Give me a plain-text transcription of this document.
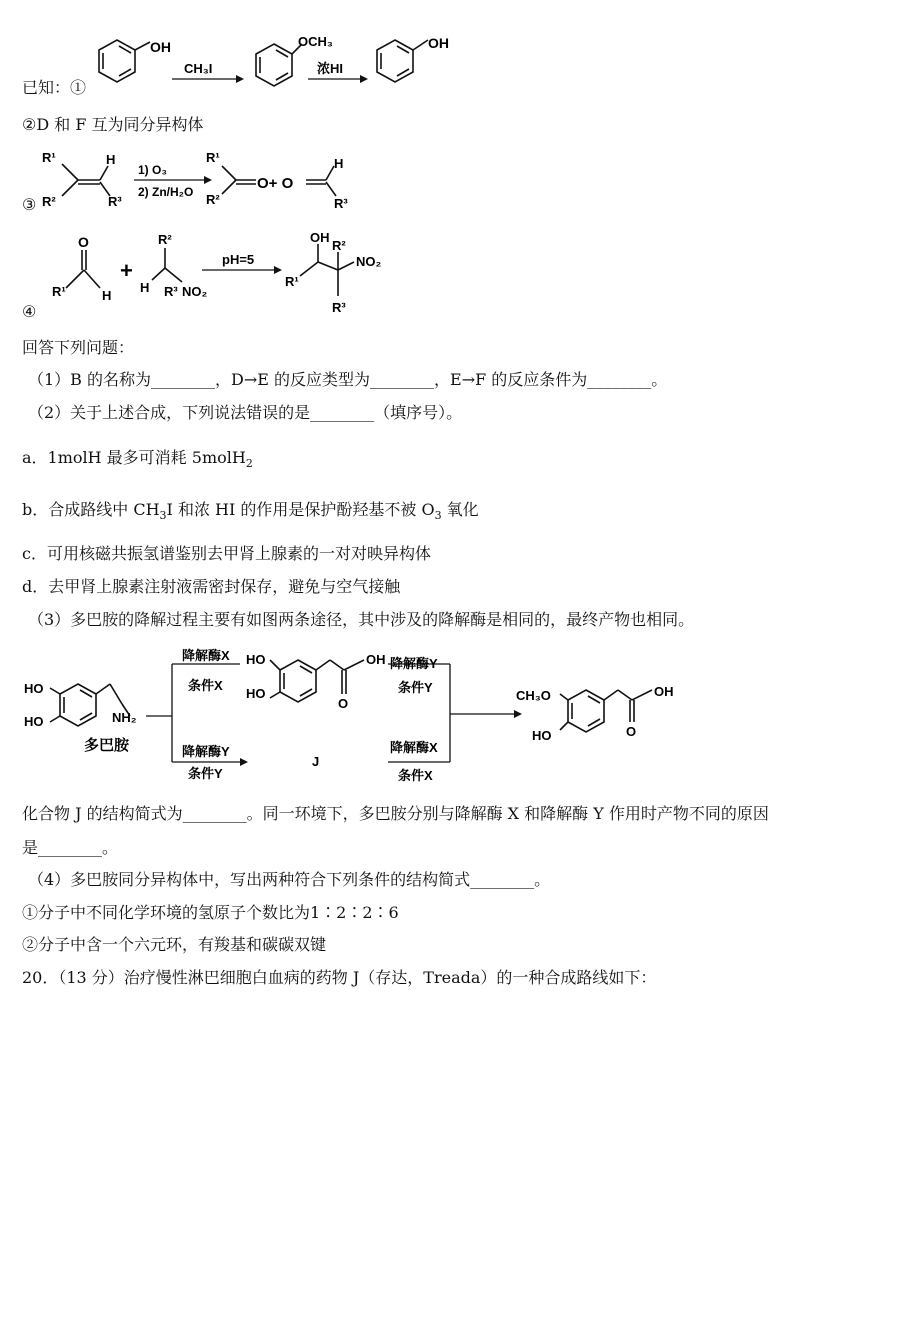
已知：①
OH
CH₃I
OCH₃
浓HI
OH
R¹
R²
H
R³
1) O₃
2) Zn/H₂O
R¹
R²
O+ O
H
R³
O
R¹	H
+
R²
H R³ NO₂
pH=5
OH
R²
NO₂
R¹
R³
②D 和 F 互为同分异构体
③
④
回答下列问题：
（1）B 的名称为________，D→E 的反应类型为________，E→F 的反应条件为________。
（2）关于上述合成，下列说法错误的是________（填序号）。
a．1molH 最多可消耗 5molH$_2$
b．合成路线中 $CH_3I$ 和浓 HI 的作用是保护酚羟基不被 $O_3$ 氧化
c．可用核磁共振氢谱鉴别去甲肾上腺素的一对对映异构体
d．去甲肾上腺素注射液需密封保存，避免与空气接触
（3）多巴胺的降解过程主要有如图两条途径，其中涉及的降解酶是相同的，最终产物也相同。
HO
HO	NH₂
多巴胺
降解酶X
条件X
降解酶Y
条件Y
HO
HO
OH
O
J
降解酶Y
条件Y
降解酶X
条件X
CH₃O
HO
OH
O
化合物 J 的结构简式为________。同一环境下，多巴胺分别与降解酶 X 和降解酶 Y 作用时产物不同的原因
是________。
（4）多巴胺同分异构体中，写出两种符合下列条件的结构简式________。
①分子中不同化学环境的氢原子个数比为1∶2∶2∶6
②分子中含一个六元环，有羧基和碳碳双键
20．（13 分）治疗慢性淋巴细胞白血病的药物 J（存达，Treada）的一种合成路线如下：
